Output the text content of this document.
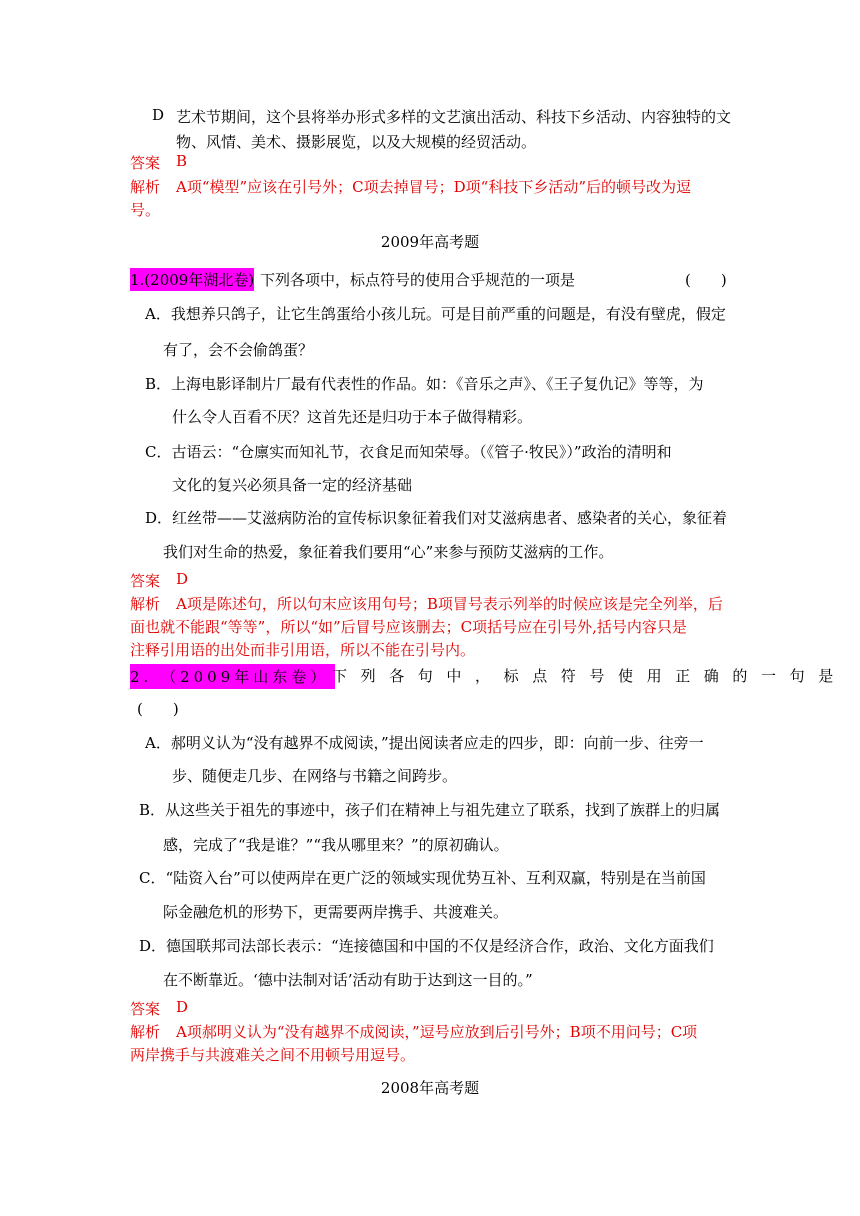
D 艺术节期间，这个县将举办形式多样的文艺演出活动、科技下乡活动、内容独特的文
物、风情、美术、摄影展览，以及大规模的经贸活动。
答案 B
解析 A项“模型”应该在引号外；C项去掉冒号；D项“科技下乡活动”后的顿号改为逗
号。
2009年高考题
1.(2009年湖北卷) 下列各项中，标点符号的使用合乎规范的一项是	(　　)
A．我想养只鸽子，让它生鸽蛋给小孩儿玩。可是目前严重的问题是，有没有壁虎，假定
有了，会不会偷鸽蛋？
B．上海电影译制片厂最有代表性的作品。如：《音乐之声》、《王子复仇记》等等，为
什么令人百看不厌？这首先还是归功于本子做得精彩。
C．古语云：“仓廪实而知礼节，衣食足而知荣辱。（《管子·牧民》）”政治的清明和
文化的复兴必须具备一定的经济基础
D．红丝带——艾滋病防治的宣传标识象征着我们对艾滋病患者、感染者的关心，象征着
我们对生命的热爱，象征着我们要用“心”来参与预防艾滋病的工作。
答案 D
解析 A项是陈述句，所以句末应该用句号；B项冒号表示列举的时候应该是完全列举，后
面也就不能跟“等等”，所以“如”后冒号应该删去；C项括号应在引号外,括号内容只是
注释引用语的出处而非引用语，所以不能在引号内。
2. （2009年山东卷） 下列各句中，标点符号使用正确的一句是
(　　)
A．郝明义认为“没有越界不成阅读，”提出阅读者应走的四步，即：向前一步、往旁一
步、随便走几步、在网络与书籍之间跨步。
B．从这些关于祖先的事迹中，孩子们在精神上与祖先建立了联系，找到了族群上的归属
感，完成了“我是谁？”“我从哪里来？”的原初确认。
C．“陆资入台”可以使两岸在更广泛的领域实现优势互补、互利双赢，特别是在当前国
际金融危机的形势下，更需要两岸携手、共渡难关。
D．德国联邦司法部长表示：“连接德国和中国的不仅是经济合作，政治、文化方面我们
在不断靠近。‘德中法制对话’活动有助于达到这一目的。”
答案 D
解析 A项郝明义认为“没有越界不成阅读，”逗号应放到后引号外；B项不用问号；C项
两岸携手与共渡难关之间不用顿号用逗号。
2008年高考题
